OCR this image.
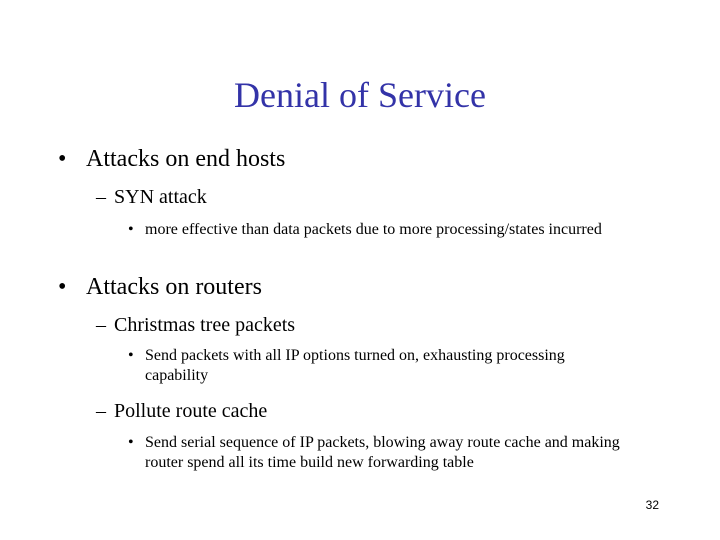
Denial of Service
• Attacks on end hosts
– SYN attack
• more effective than data packets due to more processing/states incurred
• Attacks on routers
– Christmas tree packets
• Send packets with all IP options turned on, exhausting processing capability
– Pollute route cache
• Send serial sequence of IP packets, blowing away route cache and making router spend all its time build new forwarding table
32
